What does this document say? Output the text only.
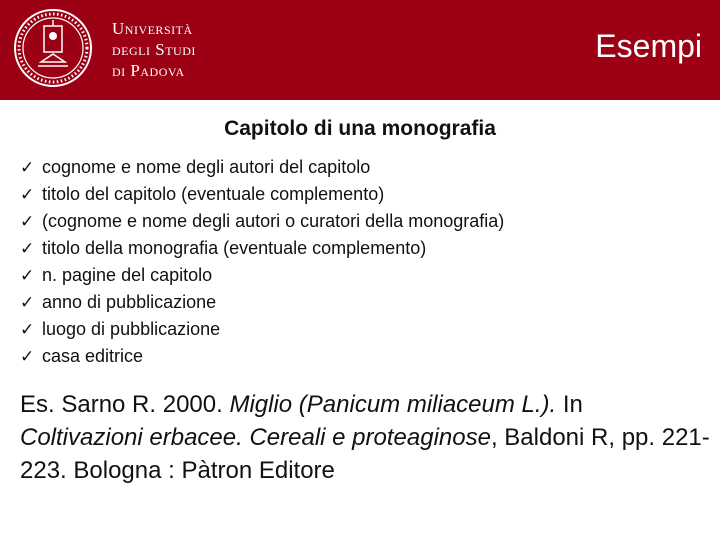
Università
degli Studi
di Padova
Esempi
Capitolo di una monografia
✓ cognome e nome degli autori del capitolo
✓ titolo del capitolo (eventuale complemento)
✓ (cognome e nome degli autori o curatori della monografia)
✓ titolo della monografia (eventuale complemento)
✓ n. pagine del capitolo
✓ anno di pubblicazione
✓ luogo di pubblicazione
✓ casa editrice
Es. Sarno R. 2000. Miglio (Panicum miliaceum L.). In Coltivazioni erbacee. Cereali e proteaginose, Baldoni R, pp. 221-223. Bologna : Pàtron Editore
